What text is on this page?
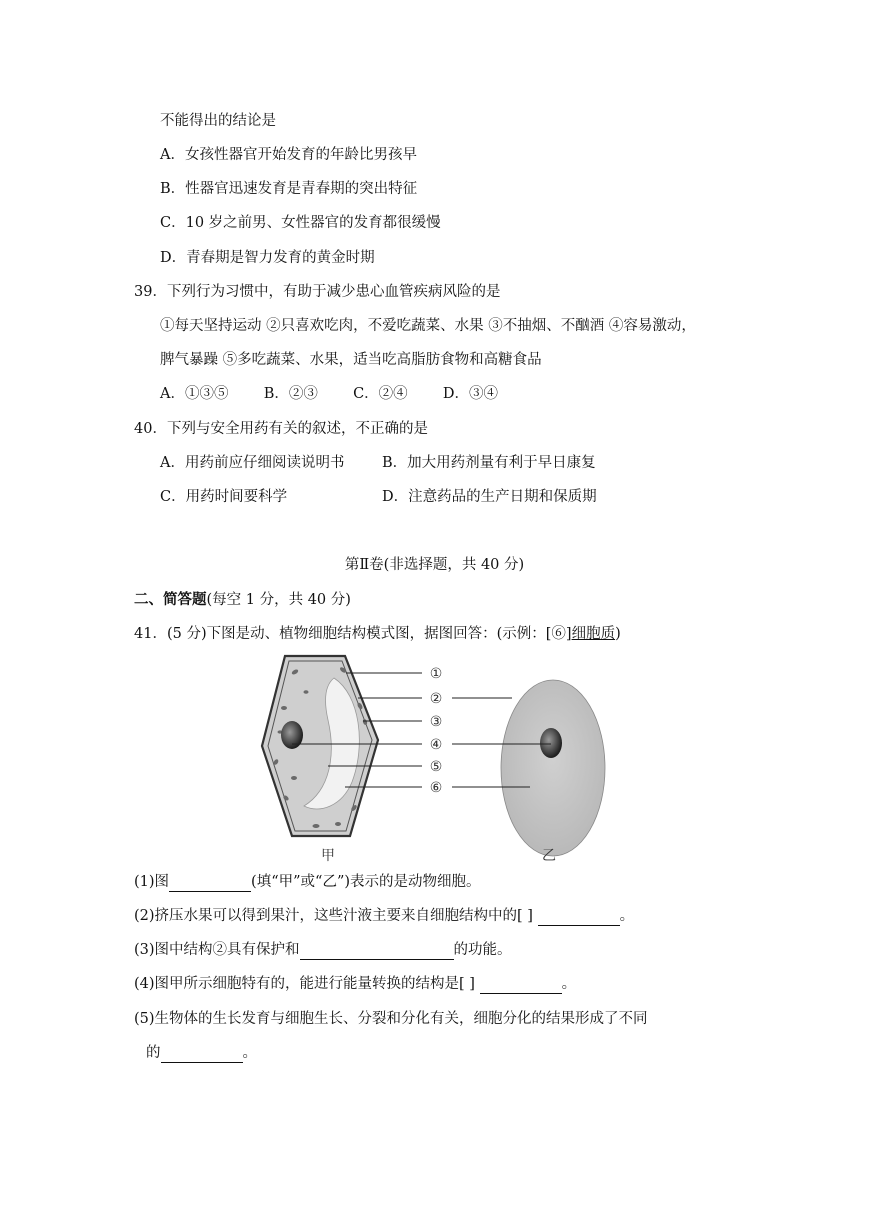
不能得出的结论是
A．女孩性器官开始发育的年龄比男孩早
B．性器官迅速发育是青春期的突出特征
C．10 岁之前男、女性器官的发育都很缓慢
D．青春期是智力发育的黄金时期
39．下列行为习惯中，有助于减少患心血管疾病风险的是
①每天坚持运动 ②只喜欢吃肉，不爱吃蔬菜、水果 ③不抽烟、不酗酒 ④容易激动，
脾气暴躁 ⑤多吃蔬菜、水果，适当吃高脂肪食物和高糖食品
A．①③⑤ B．②③ C．②④ D．③④
40．下列与安全用药有关的叙述，不正确的是
A．用药前应仔细阅读说明书	B．加大用药剂量有利于早日康复
C．用药时间要科学	D．注意药品的生产日期和保质期
第Ⅱ卷(非选择题，共 40 分)
二、简答题(每空 1 分，共 40 分)
41．(5 分)下图是动、植物细胞结构模式图，据图回答：(示例：[⑥]细胞质)
①
②
③
④
⑤
⑥
甲	乙
(1)图	(填“甲”或“乙”)表示的是动物细胞。
(2)挤压水果可以得到果汁，这些汁液主要来自细胞结构中的[ ]	。
(3)图中结构②具有保护和	的功能。
(4)图甲所示细胞特有的，能进行能量转换的结构是[ ]	。
(5)生物体的生长发育与细胞生长、分裂和分化有关，细胞分化的结果形成了不同
的	。
